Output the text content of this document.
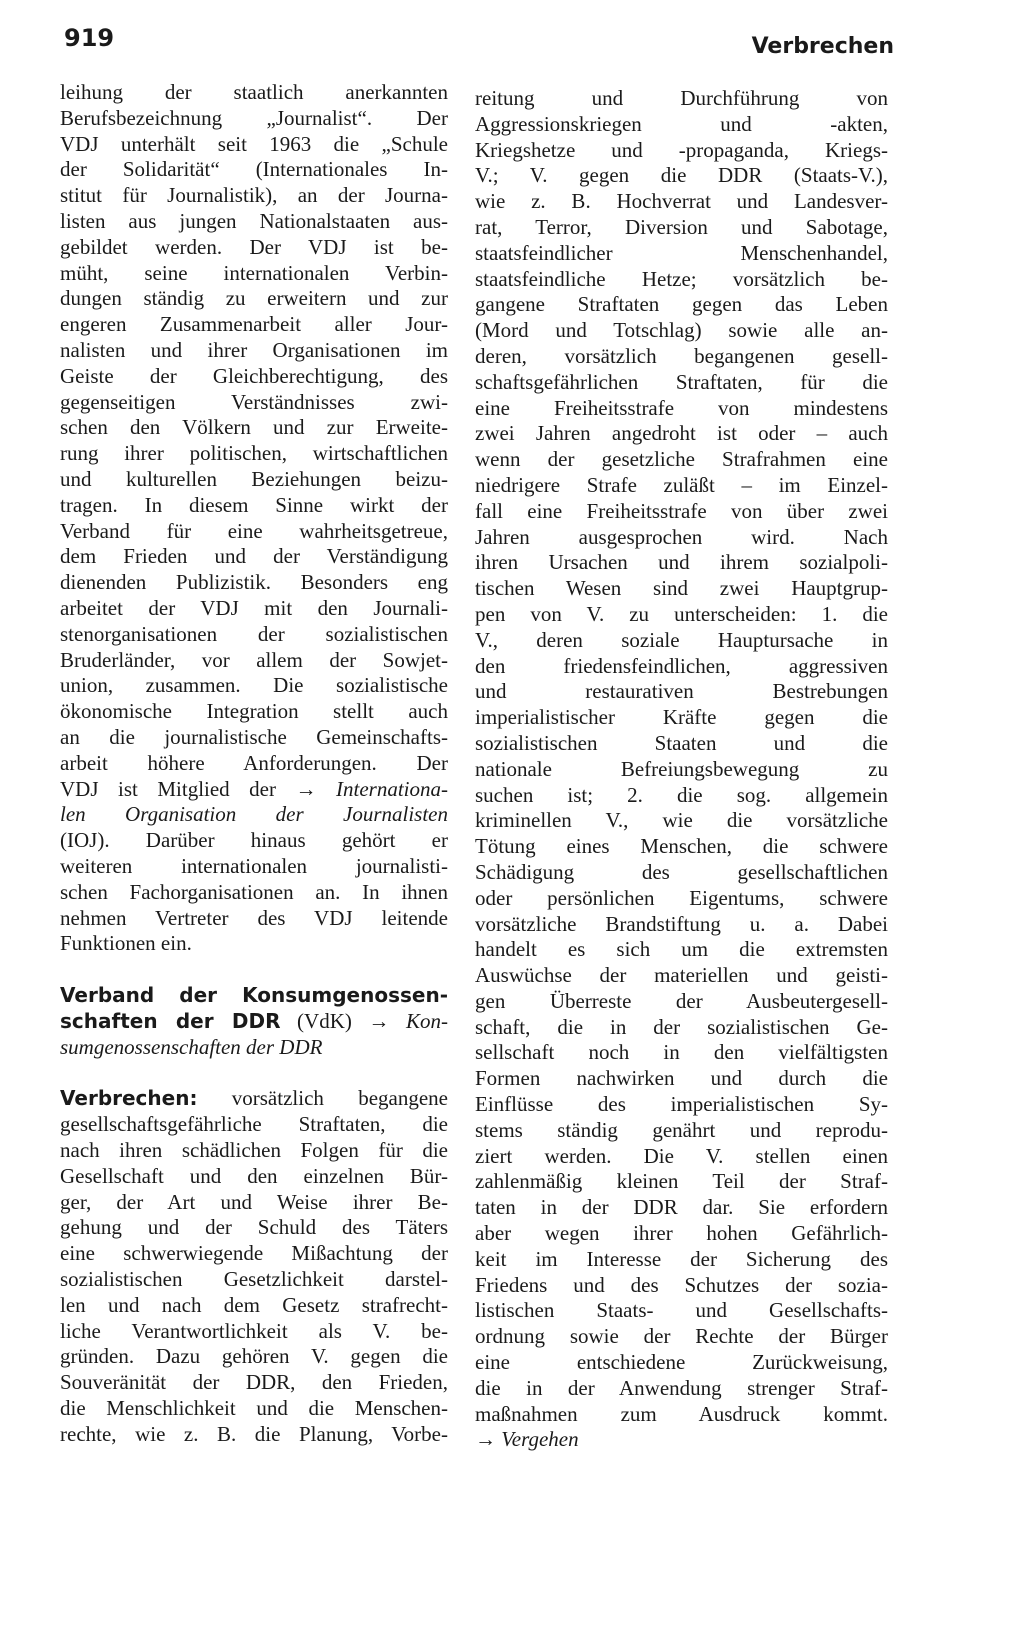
919	Verbrechen
leihung der staatlich anerkannten
Berufsbezeichnung „Journalist“. Der
VDJ unterhält seit 1963 die „Schule
der Solidarität“ (Internationales In-
stitut für Journalistik), an der Journa-
listen aus jungen Nationalstaaten aus-
gebildet werden. Der VDJ ist be-
müht, seine internationalen Verbin-
dungen ständig zu erweitern und zur
engeren Zusammenarbeit aller Jour-
nalisten und ihrer Organisationen im
Geiste der Gleichberechtigung, des
gegenseitigen Verständnisses zwi-
schen den Völkern und zur Erweite-
rung ihrer politischen, wirtschaftlichen
und kulturellen Beziehungen beizu-
tragen. In diesem Sinne wirkt der
Verband für eine wahrheitsgetreue,
dem Frieden und der Verständigung
dienenden Publizistik. Besonders eng
arbeitet der VDJ mit den Journali-
stenorganisationen der sozialistischen
Bruderländer, vor allem der Sowjet-
union, zusammen. Die sozialistische
ökonomische Integration stellt auch
an die journalistische Gemeinschafts-
arbeit höhere Anforderungen. Der
VDJ ist Mitglied der → Internationa-
len Organisation der Journalisten
(IOJ). Darüber hinaus gehört er
weiteren internationalen journalisti-
schen Fachorganisationen an. In ihnen
nehmen Vertreter des VDJ leitende
Funktionen ein.
Verband der Konsumgenossen-
schaften der DDR (VdK) → Kon-
sumgenossenschaften der DDR
Verbrechen: vorsätzlich begangene
gesellschaftsgefährliche Straftaten, die
nach ihren schädlichen Folgen für die
Gesellschaft und den einzelnen Bür-
ger, der Art und Weise ihrer Be-
gehung und der Schuld des Täters
eine schwerwiegende Mißachtung der
sozialistischen Gesetzlichkeit darstel-
len und nach dem Gesetz strafrecht-
liche Verantwortlichkeit als V. be-
gründen. Dazu gehören V. gegen die
Souveränität der DDR, den Frieden,
die Menschlichkeit und die Menschen-
rechte, wie z. B. die Planung, Vorbe-
reitung und Durchführung von
Aggressionskriegen und -akten,
Kriegshetze und -propaganda, Kriegs-
V.; V. gegen die DDR (Staats-V.),
wie z. B. Hochverrat und Landesver-
rat, Terror, Diversion und Sabotage,
staatsfeindlicher Menschenhandel,
staatsfeindliche Hetze; vorsätzlich be-
gangene Straftaten gegen das Leben
(Mord und Totschlag) sowie alle an-
deren, vorsätzlich begangenen gesell-
schaftsgefährlichen Straftaten, für die
eine Freiheitsstrafe von mindestens
zwei Jahren angedroht ist oder – auch
wenn der gesetzliche Strafrahmen eine
niedrigere Strafe zuläßt – im Einzel-
fall eine Freiheitsstrafe von über zwei
Jahren ausgesprochen wird. Nach
ihren Ursachen und ihrem sozialpoli-
tischen Wesen sind zwei Hauptgrup-
pen von V. zu unterscheiden: 1. die
V., deren soziale Hauptursache in
den friedensfeindlichen, aggressiven
und restaurativen Bestrebungen
imperialistischer Kräfte gegen die
sozialistischen Staaten und die
nationale Befreiungsbewegung zu
suchen ist; 2. die sog. allgemein
kriminellen V., wie die vorsätzliche
Tötung eines Menschen, die schwere
Schädigung des gesellschaftlichen
oder persönlichen Eigentums, schwere
vorsätzliche Brandstiftung u. a. Dabei
handelt es sich um die extremsten
Auswüchse der materiellen und geisti-
gen Überreste der Ausbeutergesell-
schaft, die in der sozialistischen Ge-
sellschaft noch in den vielfältigsten
Formen nachwirken und durch die
Einflüsse des imperialistischen Sy-
stems ständig genährt und reprodu-
ziert werden. Die V. stellen einen
zahlenmäßig kleinen Teil der Straf-
taten in der DDR dar. Sie erfordern
aber wegen ihrer hohen Gefährlich-
keit im Interesse der Sicherung des
Friedens und des Schutzes der sozia-
listischen Staats- und Gesellschafts-
ordnung sowie der Rechte der Bürger
eine entschiedene Zurückweisung,
die in der Anwendung strenger Straf-
maßnahmen zum Ausdruck kommt.
→ Vergehen
